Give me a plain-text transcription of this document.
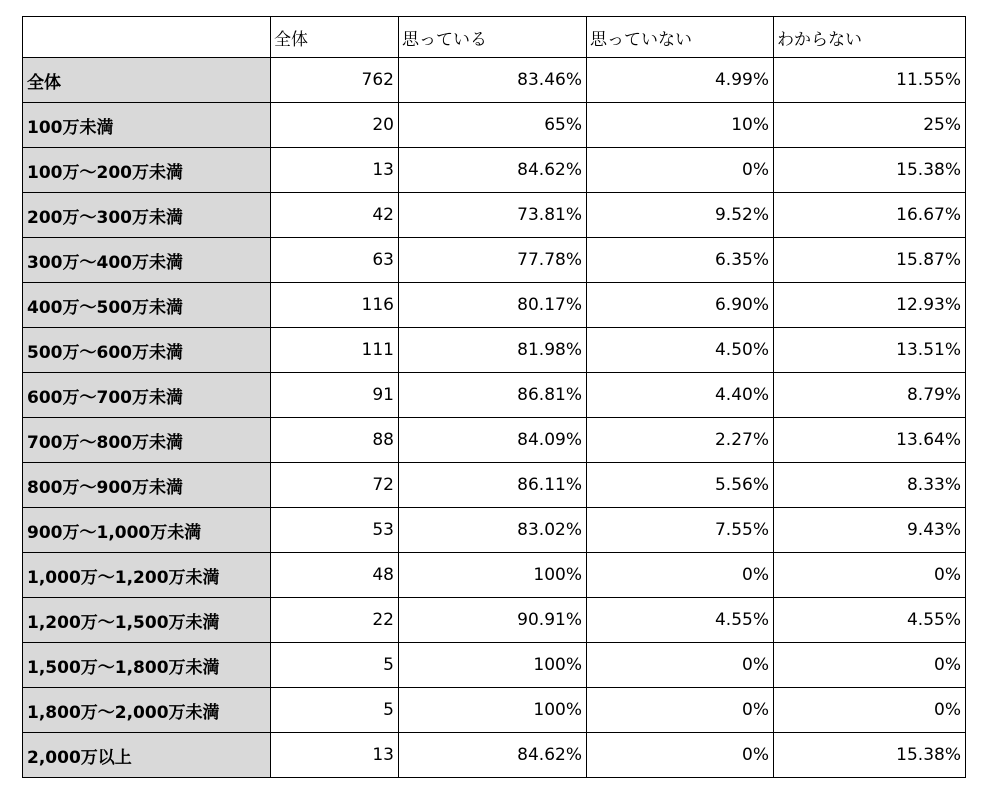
	全体	思っている	思っていない	わからない
全体	762	83.46%	4.99%	11.55%
100万未満	20	65%	10%	25%
100万～200万未満	13	84.62%	0%	15.38%
200万～300万未満	42	73.81%	9.52%	16.67%
300万～400万未満	63	77.78%	6.35%	15.87%
400万～500万未満	116	80.17%	6.90%	12.93%
500万～600万未満	111	81.98%	4.50%	13.51%
600万～700万未満	91	86.81%	4.40%	8.79%
700万～800万未満	88	84.09%	2.27%	13.64%
800万～900万未満	72	86.11%	5.56%	8.33%
900万～1,000万未満	53	83.02%	7.55%	9.43%
1,000万～1,200万未満	48	100%	0%	0%
1,200万～1,500万未満	22	90.91%	4.55%	4.55%
1,500万～1,800万未満	5	100%	0%	0%
1,800万～2,000万未満	5	100%	0%	0%
2,000万以上	13	84.62%	0%	15.38%
